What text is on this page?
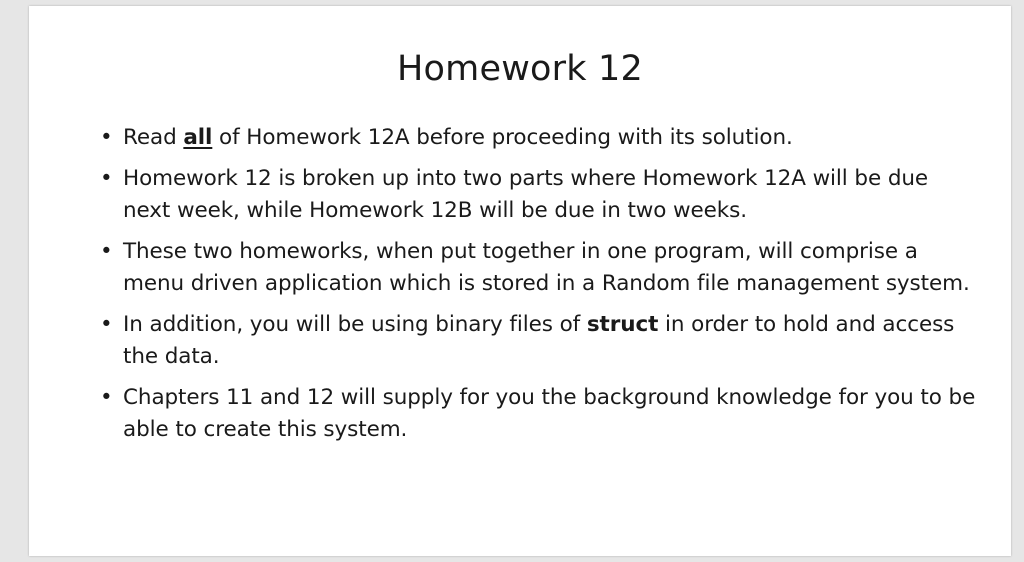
Homework 12
• Read all of Homework 12A before proceeding with its solution.
• Homework 12 is broken up into two parts where Homework 12A will be due next week, while Homework 12B will be due in two weeks.
• These two homeworks, when put together in one program, will comprise a menu driven application which is stored in a Random file management system.
• In addition, you will be using binary files of struct in order to hold and access the data.
• Chapters 11 and 12 will supply for you the background knowledge for you to be able to create this system.
